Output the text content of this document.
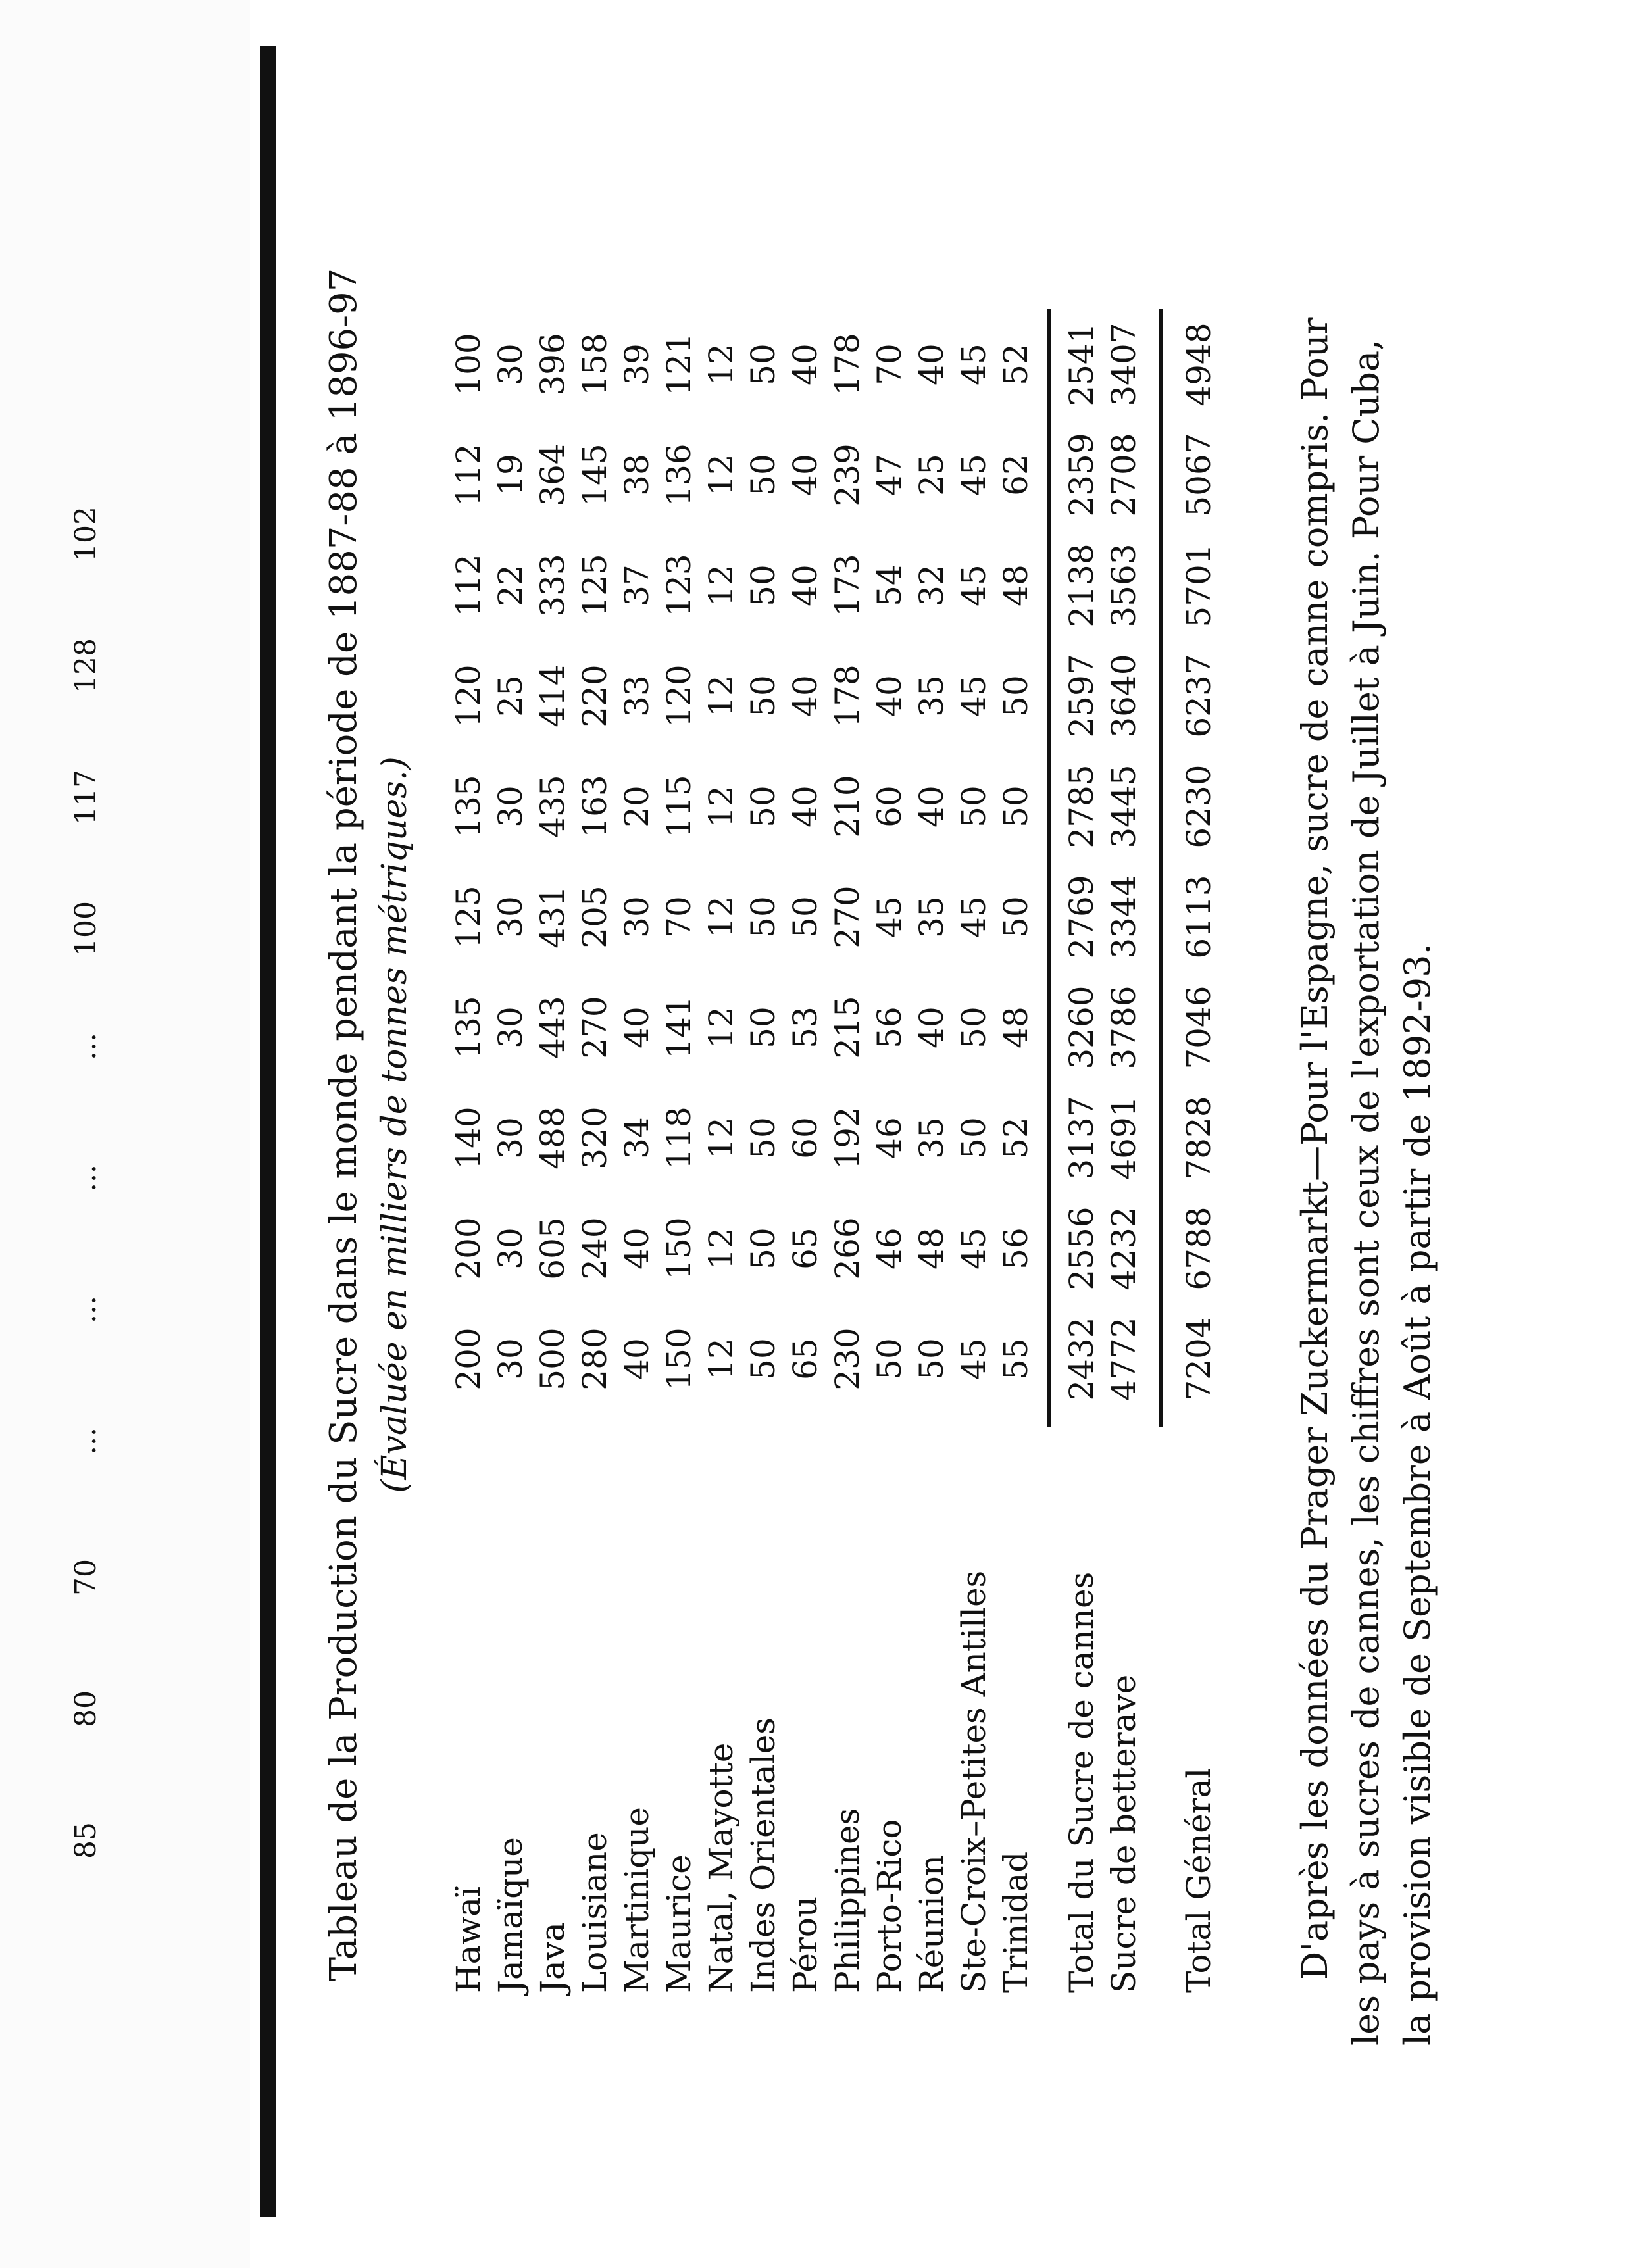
85
80
70
...
...
...
...
100
117
128
102	Tableau de la Production du Sucre dans le monde pendant la période de 1887-88 à 1896-97 (Évaluée en milliers de tonnes métriques.)
Hawaï
200
200
140
135
125
135
120
112
112
100
Jamaïque
30
30
30
30
30
30
25
22
19
30
Java
500
605
488
443
431
435
414
333
364
396
Louisiane
280
240
320
270
205
163
220
125
145
158
Martinique
40
40
34
40
30
20
33
37
38
39
Maurice
150
150
118
141
70
115
120
123
136
121
Natal, Mayotte
12
12
12
12
12
12
12
12
12
12
Indes Orientales
50
50
50
50
50
50
50
50
50
50
Pérou
65
65
60
53
50
40
40
40
40
40
Philippines
230
266
192
215
270
210
178
173
239
178
Porto-Rico
50
46
46
56
45
60
40
54
47
70
Réunion
50
48
35
40
35
40
35
32
25
40
Ste-Croix–Petites Antilles
45
45
50
50
45
50
45
45
45
45
Trinidad
55
56
52
48
50
50
50
48
62
52
Total du Sucre de cannes
2432
2556
3137
3260
2769
2785
2597
2138
2359
2541
Sucre de betterave
4772
4232
4691
3786
3344
3445
3640
3563
2708
3407
Total Général
7204
6788
7828
7046
6113
6230
6237
5701
5067
4948 D'après les données du Prager Zuckermarkt—Pour l'Espagne, sucre de canne compris. Pour les pays à sucres de cannes, les chiffres sont ceux de l'exportation de Juillet à Juin. Pour Cuba, la provision visible de Septembre à Août à partir de 1892-93.
